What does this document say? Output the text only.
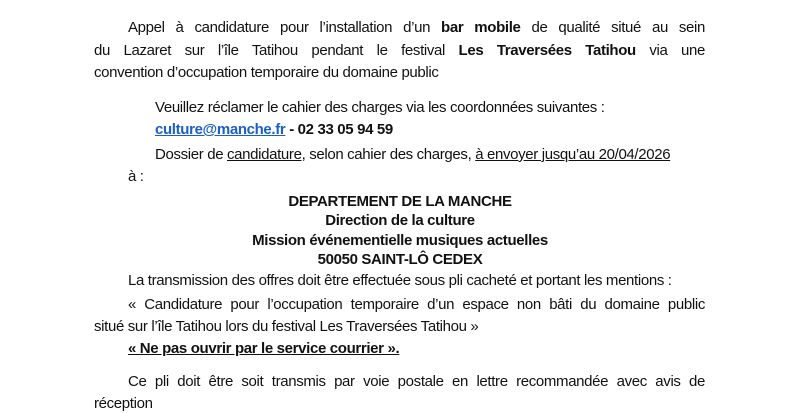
Appel à candidature pour l’installation d’un bar mobile de qualité situé au sein
du Lazaret sur l’île Tatihou pendant le festival Les Traversées Tatihou via une
convention d’occupation temporaire du domaine public
Veuillez réclamer le cahier des charges via les coordonnées suivantes :
culture@manche.fr - 02 33 05 94 59
Dossier de candidature, selon cahier des charges, à envoyer jusqu’au 20/04/2026
à :
DEPARTEMENT DE LA MANCHE
Direction de la culture
Mission événementielle musiques actuelles
50050 SAINT-LÔ CEDEX
La transmission des offres doit être effectuée sous pli cacheté et portant les mentions :
« Candidature pour l’occupation temporaire d’un espace non bâti du domaine public
situé sur l’île Tatihou lors du festival Les Traversées Tatihou »
« Ne pas ouvrir par le service courrier ».
Ce pli doit être soit transmis par voie postale en lettre recommandée avec avis de
réception
